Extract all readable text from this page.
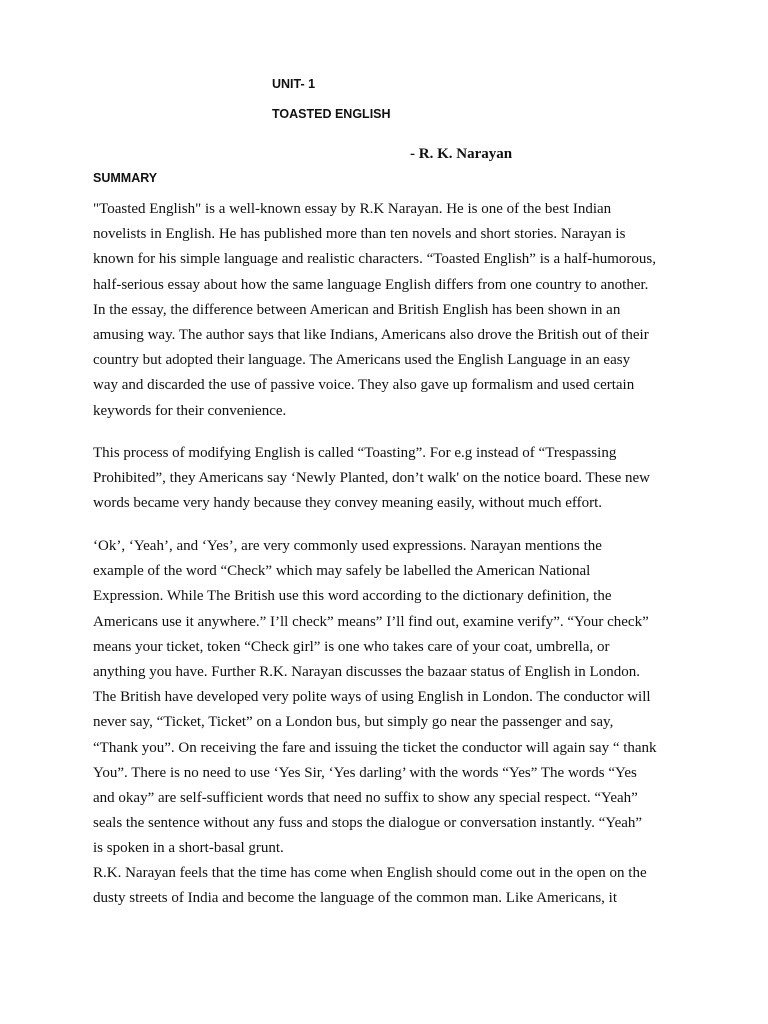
UNIT- 1
TOASTED ENGLISH
- R. K. Narayan
SUMMARY
"Toasted English" is a well-known essay by R.K Narayan. He is one of the best Indian
novelists in English. He has published more than ten novels and short stories. Narayan is
known for his simple language and realistic characters. “Toasted English” is a half-humorous,
half-serious essay about how the same language English differs from one country to another.
In the essay, the difference between American and British English has been shown in an
amusing way. The author says that like Indians, Americans also drove the British out of their
country but adopted their language. The Americans used the English Language in an easy
way and discarded the use of passive voice. They also gave up formalism and used certain
keywords for their convenience.
This process of modifying English is called “Toasting”. For e.g instead of “Trespassing
Prohibited”, they Americans say ‘Newly Planted, don’t walk' on the notice board. These new
words became very handy because they convey meaning easily, without much effort.
‘Ok’, ‘Yeah’, and ‘Yes’, are very commonly used expressions. Narayan mentions the
example of the word “Check” which may safely be labelled the American National
Expression. While The British use this word according to the dictionary definition, the
Americans use it anywhere.” I’ll check” means” I’ll find out, examine verify”. “Your check”
means your ticket, token “Check girl” is one who takes care of your coat, umbrella, or
anything you have. Further R.K. Narayan discusses the bazaar status of English in London.
The British have developed very polite ways of using English in London. The conductor will
never say, “Ticket, Ticket” on a London bus, but simply go near the passenger and say,
“Thank you”. On receiving the fare and issuing the ticket the conductor will again say “ thank
You”. There is no need to use ‘Yes Sir, ‘Yes darling’ with the words “Yes” The words “Yes
and okay” are self-sufficient words that need no suffix to show any special respect. “Yeah”
seals the sentence without any fuss and stops the dialogue or conversation instantly. “Yeah”
is spoken in a short-basal grunt.
R.K. Narayan feels that the time has come when English should come out in the open on the
dusty streets of India and become the language of the common man. Like Americans, it
